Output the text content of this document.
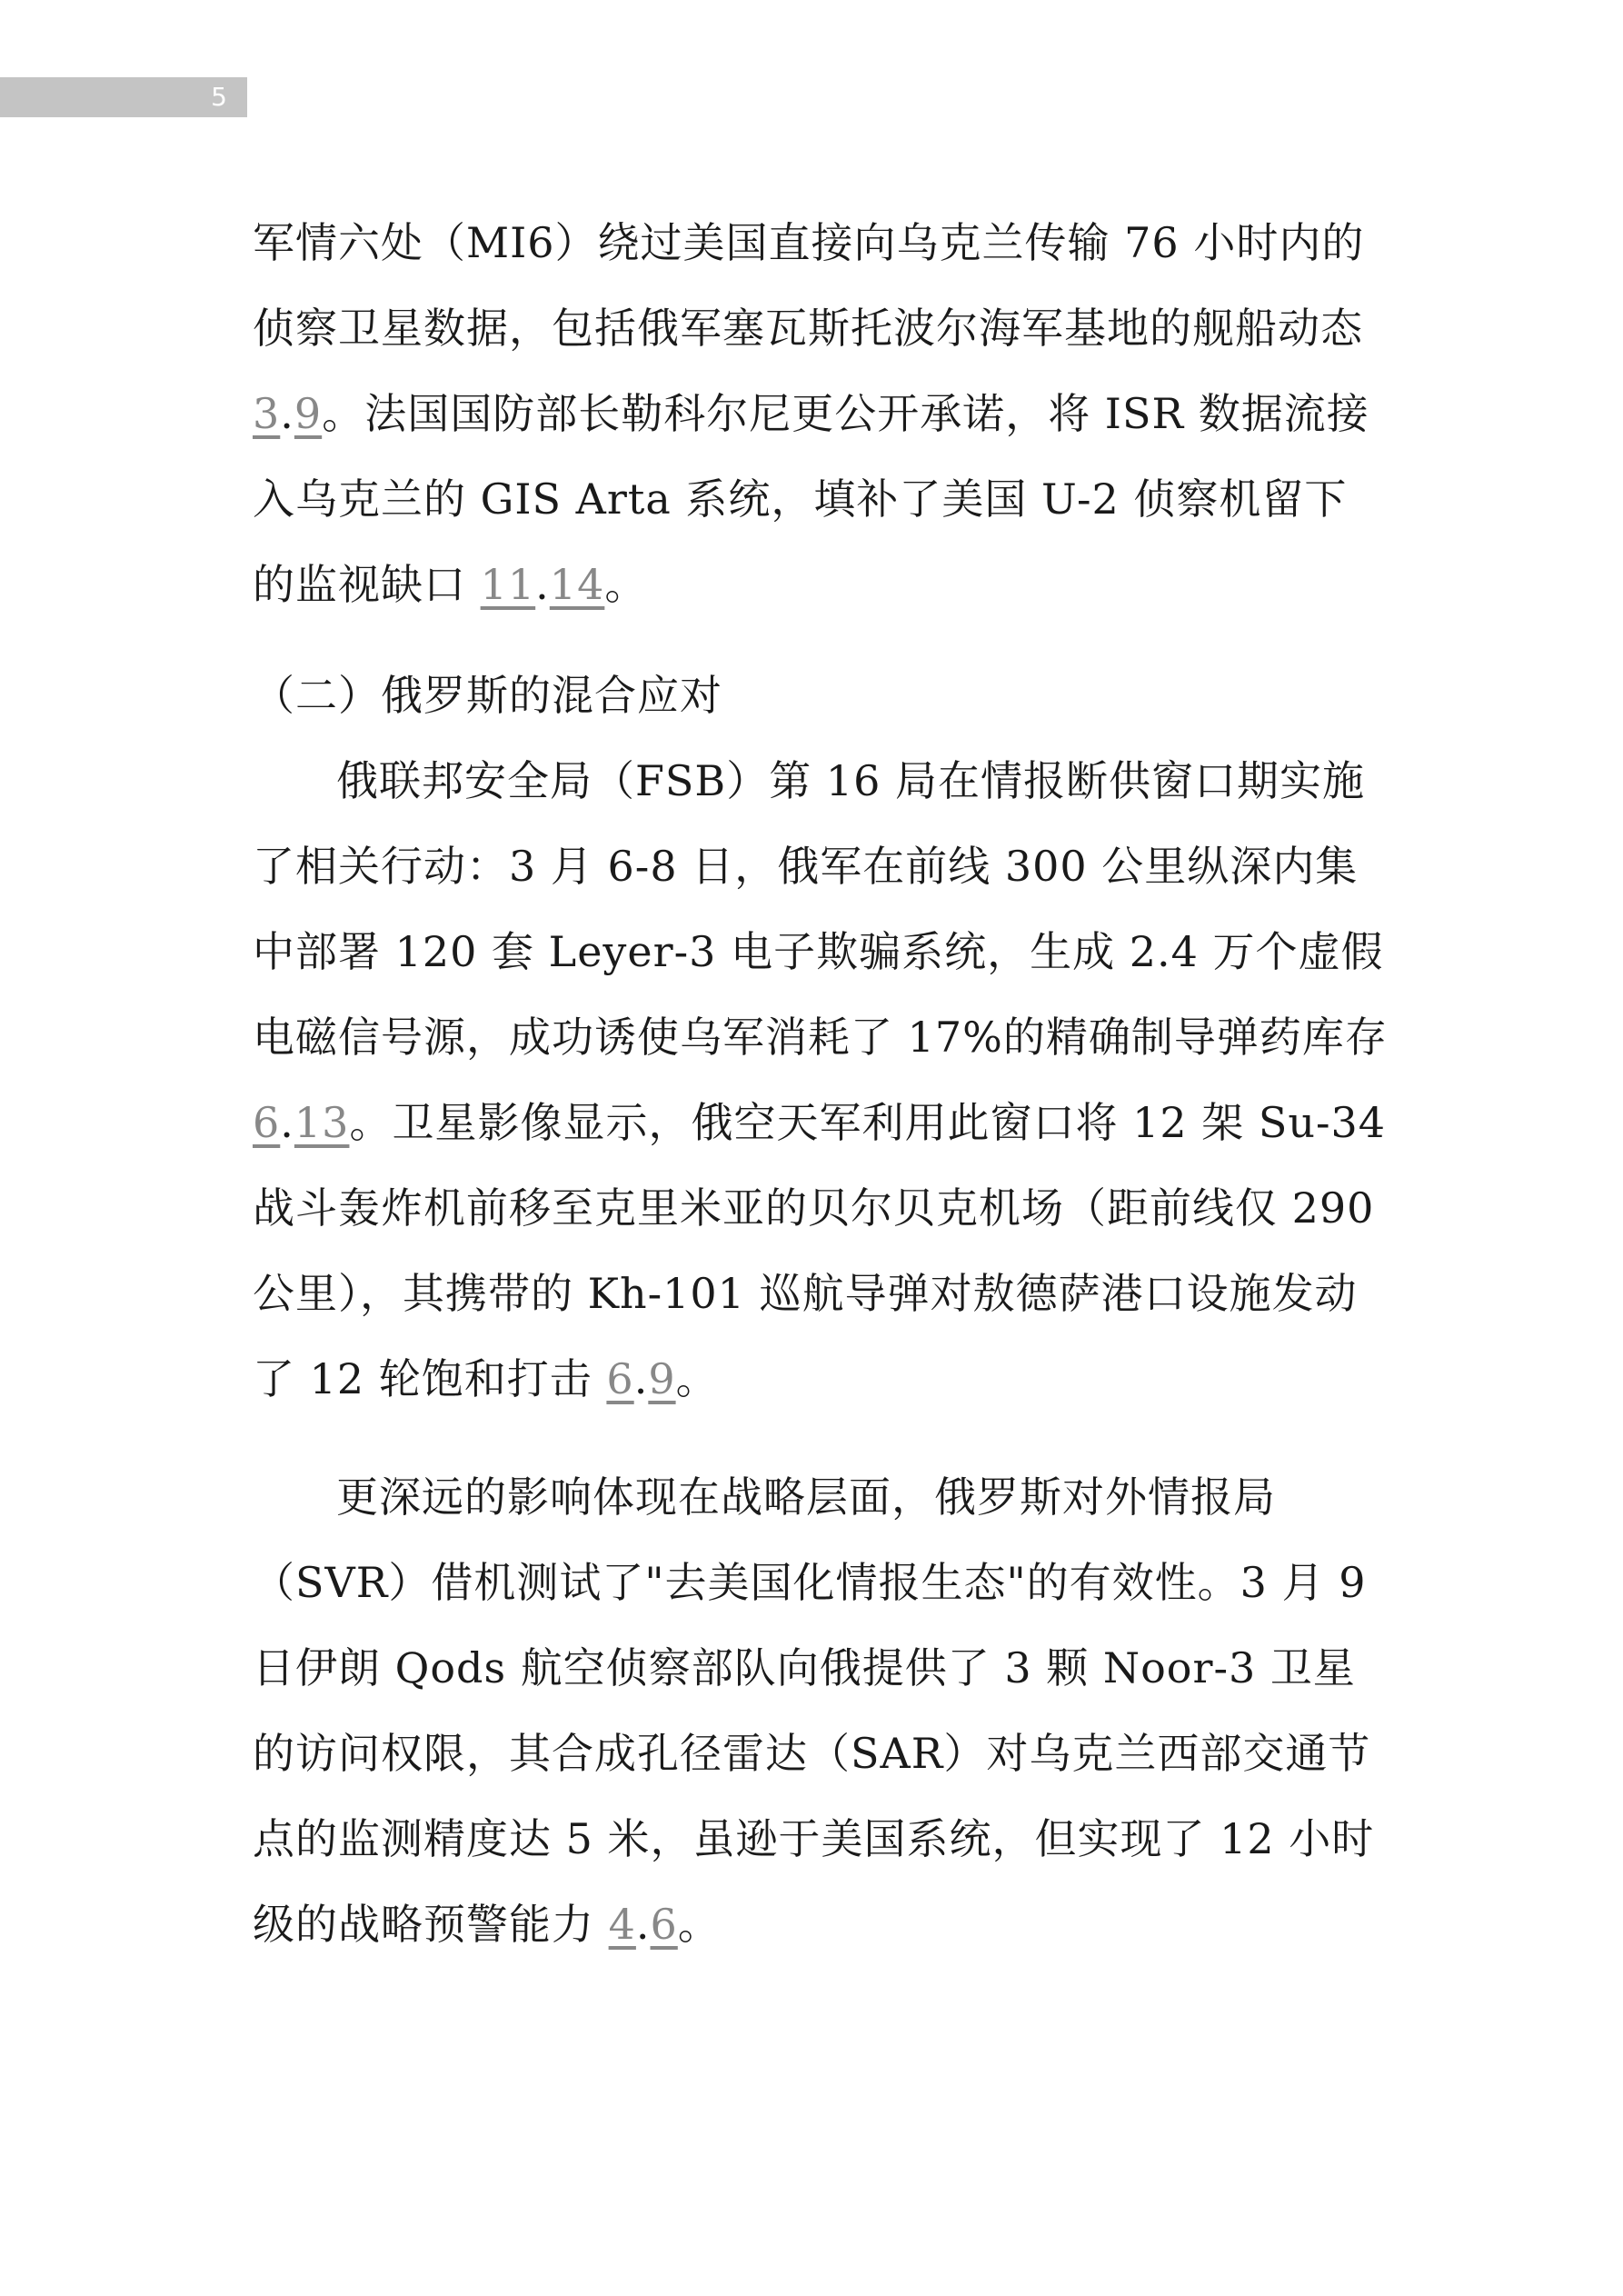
5

军情六处（MI6）绕过美国直接向乌克兰传输 76 小时内的侦察卫星数据，包括俄军塞瓦斯托波尔海军基地的舰船动态 3.9。法国国防部长勒科尔尼更公开承诺，将 ISR 数据流接入乌克兰的 GIS Arta 系统，填补了美国 U-2 侦察机留下的监视缺口 11.14。

（二）俄罗斯的混合应对

俄联邦安全局（FSB）第 16 局在情报断供窗口期实施了相关行动：3 月 6-8 日，俄军在前线 300 公里纵深内集中部署 120 套 Leyer-3 电子欺骗系统，生成 2.4 万个虚假电磁信号源，成功诱使乌军消耗了 17%的精确制导弹药库存6.13。卫星影像显示，俄空天军利用此窗口将 12 架 Su-34 战斗轰炸机前移至克里米亚的贝尔贝克机场（距前线仅 290 公里），其携带的 Kh-101 巡航导弹对敖德萨港口设施发动了 12 轮饱和打击 6.9。

更深远的影响体现在战略层面，俄罗斯对外情报局（SVR）借机测试了"去美国化情报生态"的有效性。3 月 9 日伊朗 Qods 航空侦察部队向俄提供了 3 颗 Noor-3 卫星的访问权限，其合成孔径雷达（SAR）对乌克兰西部交通节点的监测精度达 5 米，虽逊于美国系统，但实现了 12 小时级的战略预警能力 4.6。
